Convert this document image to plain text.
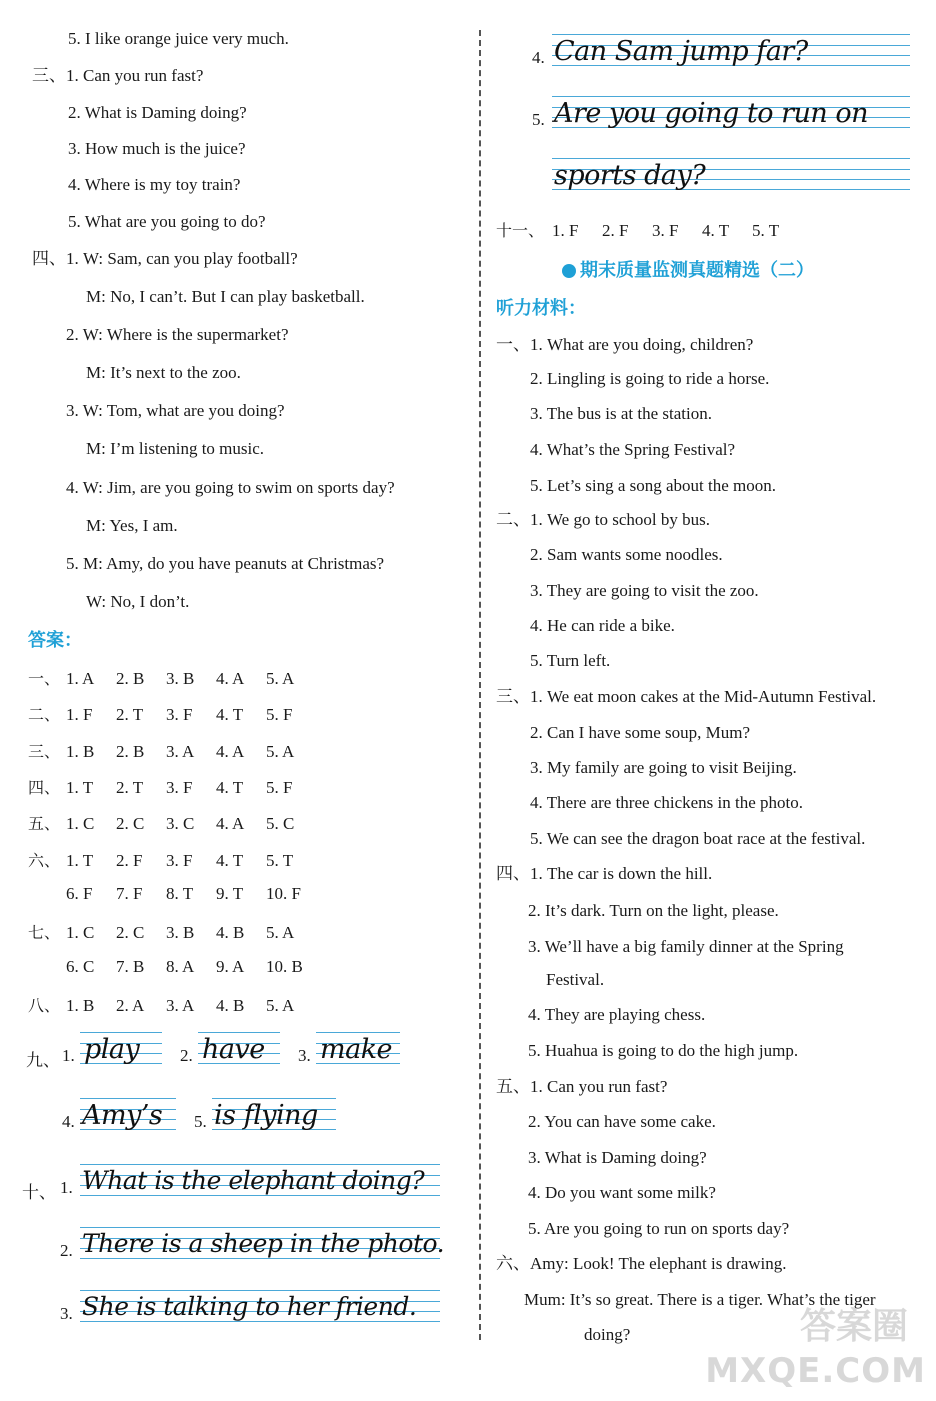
5. I like orange juice very much.
三、1. Can you run fast?
2. What is Daming doing?
3. How much is the juice?
4. Where is my toy train?
5. What are you going to do?
四、1. W: Sam, can you play football?
M: No, I can’t. But I can play basketball.
2. W: Where is the supermarket?
M: It’s next to the zoo.
3. W: Tom, what are you doing?
M: I’m listening to music.
4. W: Jim, are you going to swim on sports day?
M: Yes, I am.
5. M: Amy, do you have peanuts at Christmas?
W: No, I don’t.
答案：
一、 1. A 2. B 3. B 4. A 5. A
二、 1. F 2. T 3. F 4. T 5. F
三、 1. B 2. B 3. A 4. A 5. A
四、 1. T 2. T 3. F 4. T 5. F
五、 1. C 2. C 3. C 4. A 5. C
六、 1. T 2. F 3. F 4. T 5. T
6. F 7. F 8. T 9. T 10. F
七、 1. C 2. C 3. B 4. B 5. A
6. C 7. B 8. A 9. A 10. B
八、 1. B 2. A 3. A 4. B 5. A
九、 1. play 2. have 3. make
4. Amy’s 5. is flying
十、 1. What is the elephant doing?
2. There is a sheep in the photo.
3. She is talking to her friend.
4. Can Sam jump far?
5. Are you going to run on
sports day?
十一、 1. F 2. F 3. F 4. T 5. T
期末质量监测真题精选（二）
听力材料：
一、1. What are you doing, children?
2. Lingling is going to ride a horse.
3. The bus is at the station.
4. What’s the Spring Festival?
5. Let’s sing a song about the moon.
二、1. We go to school by bus.
2. Sam wants some noodles.
3. They are going to visit the zoo.
4. He can ride a bike.
5. Turn left.
三、1. We eat moon cakes at the Mid-Autumn Festival.
2. Can I have some soup, Mum?
3. My family are going to visit Beijing.
4. There are three chickens in the photo.
5. We can see the dragon boat race at the festival.
四、1. The car is down the hill.
2. It’s dark. Turn on the light, please.
3. We’ll have a big family dinner at the Spring
Festival.
4. They are playing chess.
5. Huahua is going to do the high jump.
五、1. Can you run fast?
2. You can have some cake.
3. What is Daming doing?
4. Do you want some milk?
5. Are you going to run on sports day?
六、Amy: Look! The elephant is drawing.
Mum: It’s so great. There is a tiger. What’s the tiger
doing?	答案圈
MXQE.COM
